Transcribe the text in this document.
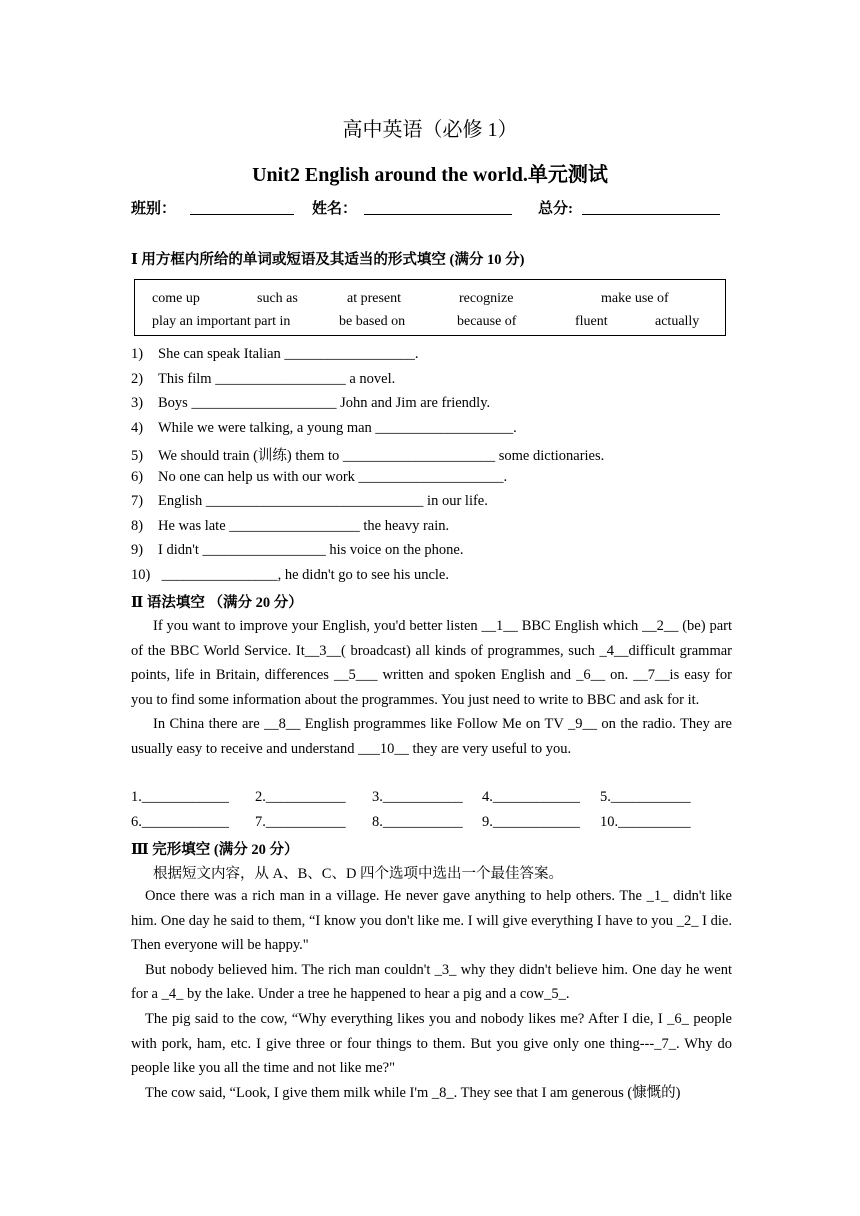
高中英语（必修 1）
Unit2 English around the world.单元测试
班别：	姓名：	总分:
Ⅰ 用方框内所给的单词或短语及其适当的形式填空 (满分 10 分)
come up	such as	at present	recognize	make use of
play an important part in	be based on	because of	fluent	actually
1) She can speak Italian __________________.
2) This film __________________ a novel.
3) Boys ____________________ John and Jim are friendly.
4) While we were talking, a young man ___________________.
5) We should train (训练) them to _____________________ some dictionaries.
6) No one can help us with our work ____________________.
7) English ______________________________ in our life.
8) He was late __________________ the heavy rain.
9) I didn't _________________ his voice on the phone.
10) ________________, he didn't go to see his uncle.
Ⅱ 语法填空 （满分 20 分）

If you want to improve your English, you'd better listen __1__ BBC English which __2__ (be) part of the BBC World Service. It__3__( broadcast) all kinds of programmes, such _4__difficult grammar points, life in Britain, differences __5___ written and spoken English and _6__ on. __7__is easy for you to find some information about the programmes. You just need to write to BBC and ask for it.

In China there are __8__ English programmes like Follow Me on TV _9__ on the radio. They are usually easy to receive and understand ___10__ they are very useful to you.

1.____________ 2.___________ 3.___________ 4.____________ 5.___________
6.____________ 7.___________ 8.___________ 9.____________ 10.__________
Ⅲ 完形填空 (满分 20 分）
根据短文内容，从 A、B、C、D 四个选项中选出一个最佳答案。

Once there was a rich man in a village. He never gave anything to help others. The _1_ didn't like him. One day he said to them, “I know you don't like me. I will give everything I have to you _2_ I die. Then everyone will be happy."

But nobody believed him. The rich man couldn't _3_ why they didn't believe him. One day he went for a _4_ by the lake. Under a tree he happened to hear a pig and a cow_5_.

The pig said to the cow, “Why everything likes you and nobody likes me? After I die, I _6_ people with pork, ham, etc. I give three or four things to them. But you give only one thing---_7_. Why do people like you all the time and not like me?"

The cow said, “Look, I give them milk while I'm _8_. They see that I am generous (慷慨的)
